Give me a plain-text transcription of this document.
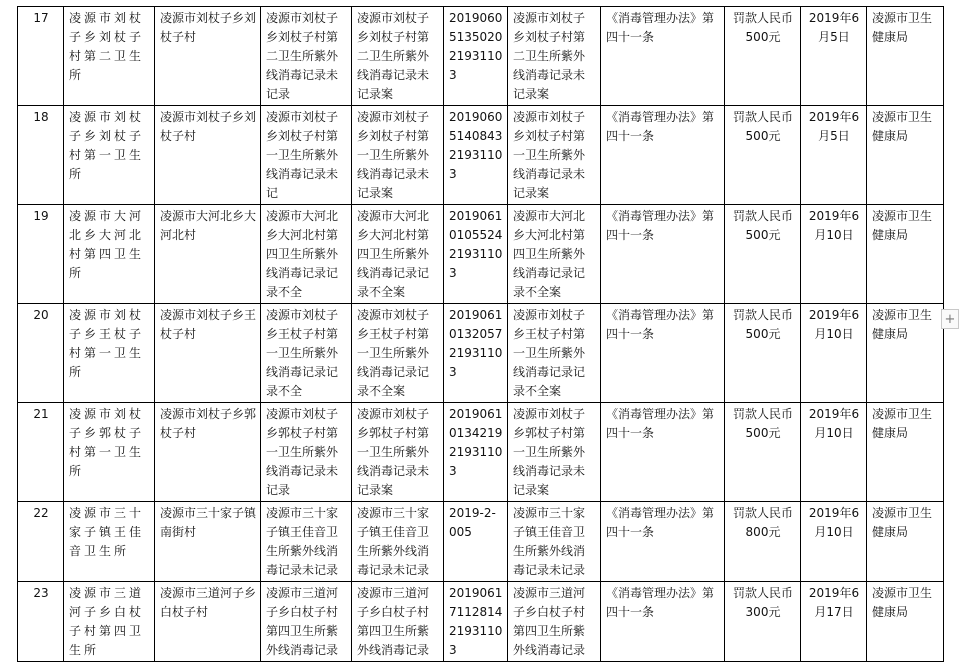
17	凌源市刘杖子乡刘杖子村第二卫生所	凌源市刘杖子乡刘杖子村	凌源市刘杖子乡刘杖子村第二卫生所紫外线消毒记录未记录	凌源市刘杖子乡刘杖子村第二卫生所紫外线消毒记录未记录案	2019060513502021931103	凌源市刘杖子乡刘杖子村第二卫生所紫外线消毒记录未记录案	《消毒管理办法》第四十一条	罚款人民币500元	2019年6月5日	凌源市卫生健康局
18	凌源市刘杖子乡刘杖子村第一卫生所	凌源市刘杖子乡刘杖子村	凌源市刘杖子乡刘杖子村第一卫生所紫外线消毒记录未记	凌源市刘杖子乡刘杖子村第一卫生所紫外线消毒记录未记录案	2019060514084321931103	凌源市刘杖子乡刘杖子村第一卫生所紫外线消毒记录未记录案	《消毒管理办法》第四十一条	罚款人民币500元	2019年6月5日	凌源市卫生健康局
19	凌源市大河北乡大河北村第四卫生所	凌源市大河北乡大河北村	凌源市大河北乡大河北村第四卫生所紫外线消毒记录记录不全	凌源市大河北乡大河北村第四卫生所紫外线消毒记录记录不全案	2019061010552421931103	凌源市大河北乡大河北村第四卫生所紫外线消毒记录记录不全案	《消毒管理办法》第四十一条	罚款人民币500元	2019年6月10日	凌源市卫生健康局
20	凌源市刘杖子乡王杖子村第一卫生所	凌源市刘杖子乡王杖子村	凌源市刘杖子乡王杖子村第一卫生所紫外线消毒记录记录不全	凌源市刘杖子乡王杖子村第一卫生所紫外线消毒记录记录不全案	2019061013205721931103	凌源市刘杖子乡王杖子村第一卫生所紫外线消毒记录记录不全案	《消毒管理办法》第四十一条	罚款人民币500元	2019年6月10日	凌源市卫生健康局
21	凌源市刘杖子乡郭杖子村第一卫生所	凌源市刘杖子乡郭杖子村	凌源市刘杖子乡郭杖子村第一卫生所紫外线消毒记录未记录	凌源市刘杖子乡郭杖子村第一卫生所紫外线消毒记录未记录案	2019061013421921931103	凌源市刘杖子乡郭杖子村第一卫生所紫外线消毒记录未记录案	《消毒管理办法》第四十一条	罚款人民币500元	2019年6月10日	凌源市卫生健康局
22	凌源市三十家子镇王佳音卫生所	凌源市三十家子镇南街村	凌源市三十家子镇王佳音卫生所紫外线消毒记录未记录	凌源市三十家子镇王佳音卫生所紫外线消毒记录未记录	2019-2-005	凌源市三十家子镇王佳音卫生所紫外线消毒记录未记录	《消毒管理办法》第四十一条	罚款人民币800元	2019年6月10日	凌源市卫生健康局
23	凌源市三道河子乡白杖子村第四卫生所	凌源市三道河子乡白杖子村	凌源市三道河子乡白杖子村第四卫生所紫外线消毒记录	凌源市三道河子乡白杖子村第四卫生所紫外线消毒记录	2019061711281421931103	凌源市三道河子乡白杖子村第四卫生所紫外线消毒记录	《消毒管理办法》第四十一条	罚款人民币300元	2019年6月17日	凌源市卫生健康局
+
